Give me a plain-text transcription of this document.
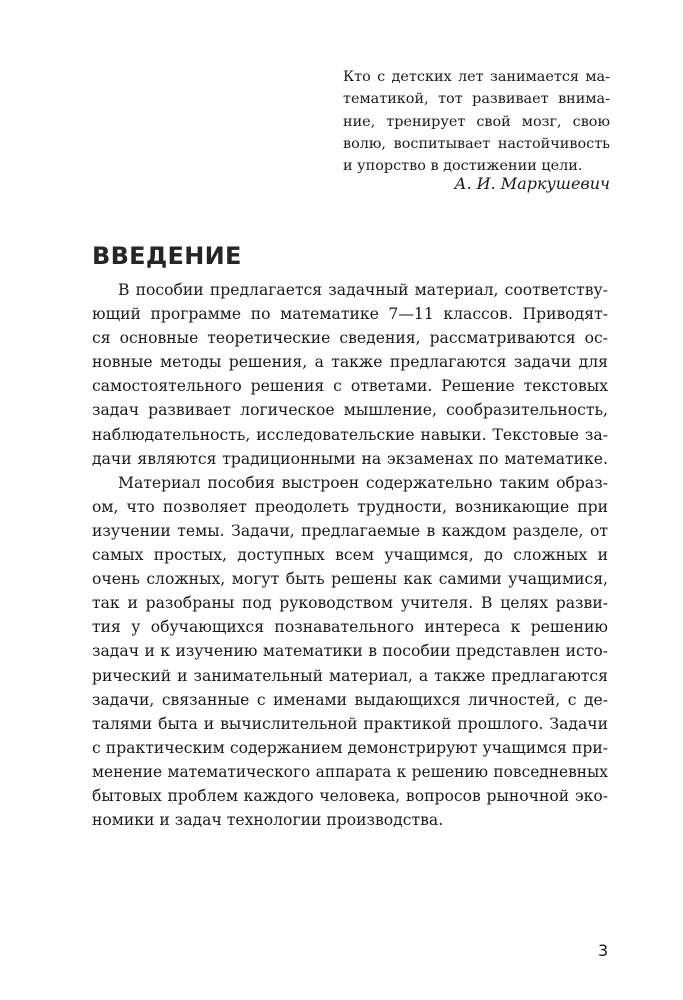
Кто с детских лет занимается ма-
тематикой, тот развивает внима-
ние, тренирует свой мозг, свою
волю, воспитывает настойчивость
и упорство в достижении цели.
А. И. Маркушевич
ВВЕДЕНИЕ
В пособии предлагается задачный материал, соответству-
ющий программе по математике 7—11 классов. Приводят-
ся основные теоретические сведения, рассматриваются ос-
новные методы решения, а также предлагаются задачи для
самостоятельного решения с ответами. Решение текстовых
задач развивает логическое мышление, сообразительность,
наблюдательность, исследовательские навыки. Текстовые за-
дачи являются традиционными на экзаменах по математике.
Материал пособия выстроен содержательно таким образ-
ом, что позволяет преодолеть трудности, возникающие при
изучении темы. Задачи, предлагаемые в каждом разделе, от
самых простых, доступных всем учащимся, до сложных и
очень сложных, могут быть решены как самими учащимися,
так и разобраны под руководством учителя. В целях разви-
тия у обучающихся познавательного интереса к решению
задач и к изучению математики в пособии представлен исто-
рический и занимательный материал, а также предлагаются
задачи, связанные с именами выдающихся личностей, с де-
талями быта и вычислительной практикой прошлого. Задачи
с практическим содержанием демонстрируют учащимся при-
менение математического аппарата к решению повседневных
бытовых проблем каждого человека, вопросов рыночной эко-
номики и задач технологии производства.
3
